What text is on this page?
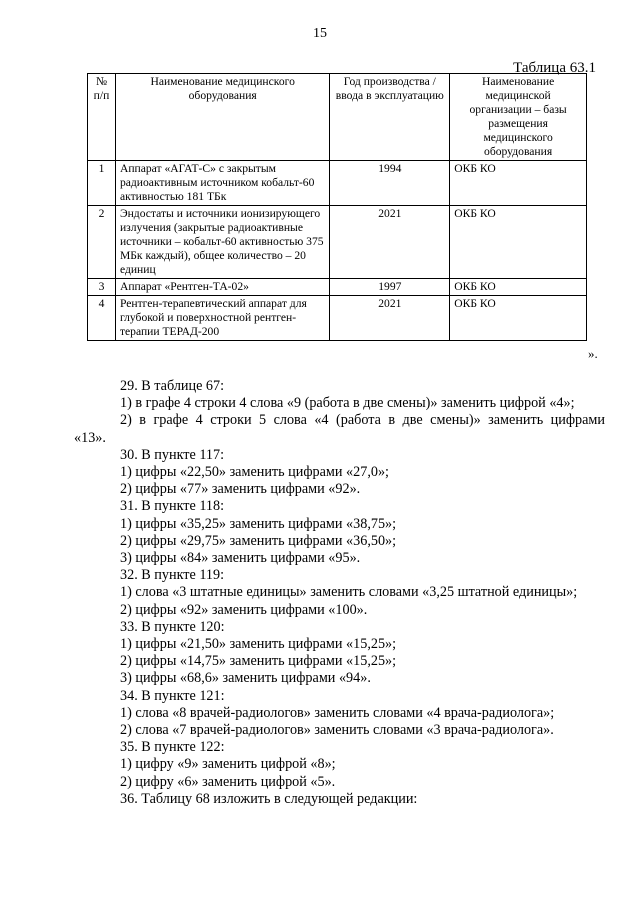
15
Таблица 63.1
№ п/п	Наименование медицинского оборудования	Год производства / ввода в эксплуатацию	Наименование медицинской организации – базы размещения медицинского оборудования
1	Аппарат «АГАТ-С» с закрытым радиоактивным источником кобальт-60 активностью 181 ТБк	1994	ОКБ КО
2	Эндостаты и источники ионизирующего излучения (закрытые радиоактивные источники – кобальт-60 активностью 375 МБк каждый), общее количество – 20 единиц	2021	ОКБ КО
3	Аппарат «Рентген-ТА-02»	1997	ОКБ КО
4	Рентген-терапевтический аппарат для глубокой и поверхностной рентген-терапии ТЕРАД-200	2021	ОКБ КО
».

29. В таблице 67:

1) в графе 4 строки 4 слова «9 (работа в две смены)» заменить цифрой «4»;

2) в графе 4 строки 5 слова «4 (работа в две смены)» заменить цифрами

«13».

30. В пункте 117:

1) цифры «22,50» заменить цифрами «27,0»;

2) цифры «77» заменить цифрами «92».

31. В пункте 118:

1) цифры «35,25» заменить цифрами «38,75»;

2) цифры «29,75» заменить цифрами «36,50»;

3) цифры «84» заменить цифрами «95».

32. В пункте 119:

1) слова «3 штатные единицы» заменить словами «3,25 штатной единицы»;

2) цифры «92» заменить цифрами «100».

33. В пункте 120:

1) цифры «21,50» заменить цифрами «15,25»;

2) цифры «14,75» заменить цифрами «15,25»;

3) цифры «68,6» заменить цифрами «94».

34. В пункте 121:

1) слова «8 врачей-радиологов» заменить словами «4 врача-радиолога»;

2) слова «7 врачей-радиологов» заменить словами «3 врача-радиолога».

35. В пункте 122:

1) цифру «9» заменить цифрой «8»;

2) цифру «6» заменить цифрой «5».

36. Таблицу 68 изложить в следующей редакции:
